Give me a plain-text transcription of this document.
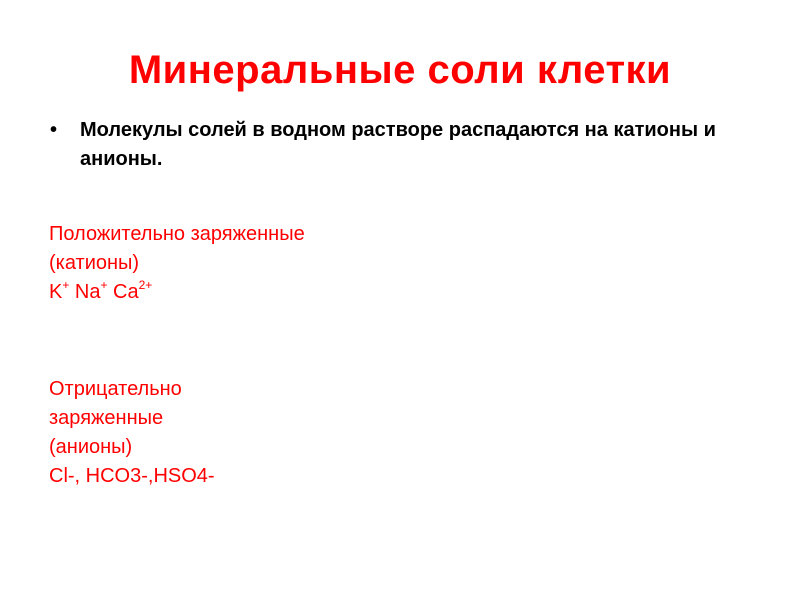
Минеральные соли клетки
• Молекулы солей в водном растворе распадаются на катионы и анионы.
Положительно заряженные
(катионы)
K+ Na+ $Ca^{2+}$
Отрицательно
заряженные
(анионы)
Cl-, HCO3-,HSO4-
